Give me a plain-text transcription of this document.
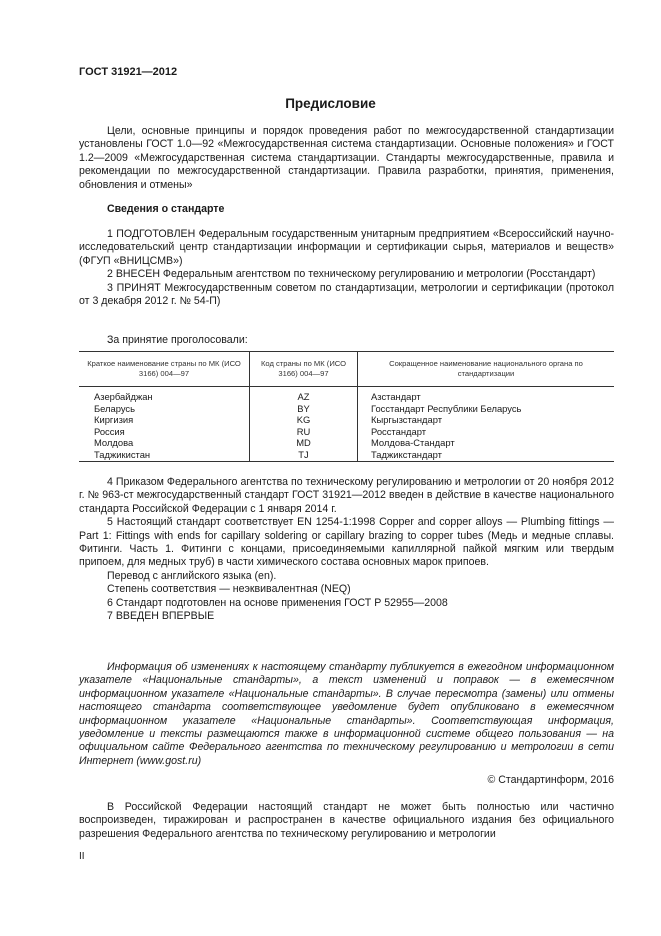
ГОСТ 31921—2012
Предисловие
Цели, основные принципы и порядок проведения работ по межгосударственной стандартизации установлены ГОСТ 1.0—92 «Межгосударственная система стандартизации. Основные положения» и ГОСТ 1.2—2009 «Межгосударственная система стандартизации. Стандарты межгосударственные, правила и рекомендации по межгосударственной стандартизации. Правила разработки, принятия, применения, обновления и отмены»
Сведения о стандарте

1 ПОДГОТОВЛЕН Федеральным государственным унитарным предприятием «Всероссийский научно-исследовательский центр стандартизации информации и сертификации сырья, материалов и веществ» (ФГУП «ВНИЦСМВ»)

2 ВНЕСЕН Федеральным агентством по техническому регулированию и метрологии (Росстандарт)

3 ПРИНЯТ Межгосударственным советом по стандартизации, метрологии и сертификации (протокол от 3 декабря 2012 г. № 54-П)

За принятие проголосовали:
Краткое наименование страны по МК (ИСО 3166) 004—97	Код страны по МК (ИСО 3166) 004—97	Сокращенное наименование национального органа по стандартизации
Азербайджан	AZ	Азстандарт
Беларусь	BY	Госстандарт Республики Беларусь
Киргизия	KG	Кыргызстандарт
Россия	RU	Росстандарт
Молдова	MD	Молдова-Стандарт
Таджикистан	TJ	Таджикстандарт

4 Приказом Федерального агентства по техническому регулированию и метрологии от 20 ноября 2012 г. № 963-ст межгосударственный стандарт ГОСТ 31921—2012 введен в действие в качестве национального стандарта Российской Федерации с 1 января 2014 г.

5 Настоящий стандарт соответствует EN 1254-1:1998 Copper and copper alloys — Plumbing fittings — Part 1: Fittings with ends for capillary soldering or capillary brazing to copper tubes (Медь и медные сплавы. Фитинги. Часть 1. Фитинги с концами, присоединяемыми капиллярной пайкой мягким или твердым припоем, для медных труб) в части химического состава основных марок припоев.

Перевод с английского языка (en).

Степень соответствия — неэквивалентная (NEQ)

6 Стандарт подготовлен на основе применения ГОСТ Р 52955—2008

7 ВВЕДЕН ВПЕРВЫЕ

Информация об изменениях к настоящему стандарту публикуется в ежегодном информационном указателе «Национальные стандарты», а текст изменений и поправок — в ежемесячном информационном указателе «Национальные стандарты». В случае пересмотра (замены) или отмены настоящего стандарта соответствующее уведомление будет опубликовано в ежемесячном информационном указателе «Национальные стандарты». Соответствующая информация, уведомление и тексты размещаются также в информационной системе общего пользования — на официальном сайте Федерального агентства по техническому регулированию и метрологии в сети Интернет (www.gost.ru)
© Стандартинформ, 2016
В Российской Федерации настоящий стандарт не может быть полностью или частично воспроизведен, тиражирован и распространен в качестве официального издания без официального разрешения Федерального агентства по техническому регулированию и метрологии
II
